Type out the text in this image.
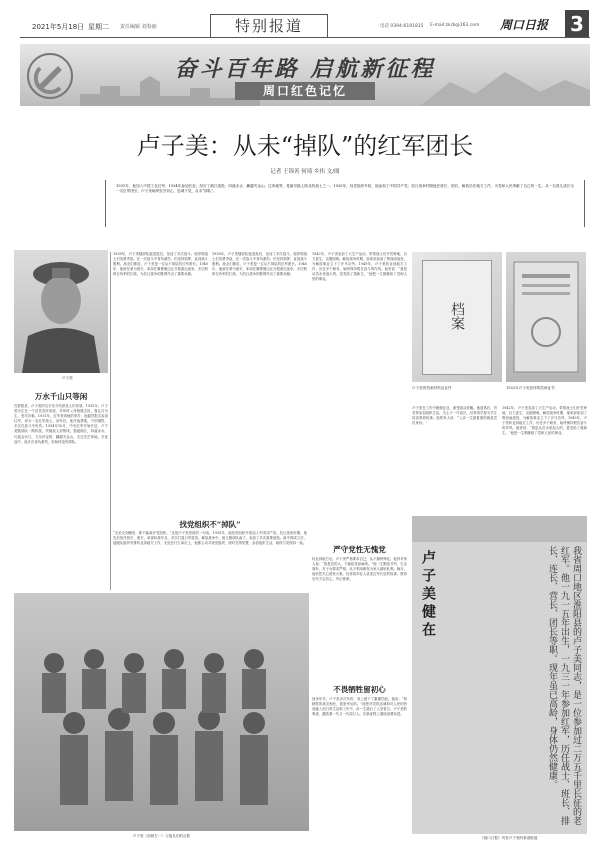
2021年5月18日 星期二 责任编辑 刘春丽	特别报道	电话 0394-6191815 E-mail:zkrb@163.com 周口日报 3
奋斗百年路 启航新征程
周口红色记忆
卢子美：从未“掉队”的红军团长
记者 王锦善 何琦 乡伟 文/图
1931年，他加入中国工农红军；1934年参加长征，经历了湘江战役、四渡赤水、翻越夹金山、过草地等，是最早踏上陕北的战士之一。1935年，经党组织介绍，他参加了中国共产党；抗日战争时期他任营长、团长，解放后在地方工作，为党和人民奉献了自己的一生。从一名孤儿成长为一名红军团长，卢子美始终坚守初心、忠诚于党，从未“掉队”。
卢子美
万水千山只等闲
在淮阳县，卢子美的名字至今仍被老人们传颂。1915年，卢子美出生在一个贫苦农民家庭，年幼时父母相继去世，靠乞讨为生，受尽苦难。1931年，红军来到他的家乡，他毅然报名参加红军，成为一名红军战士。参军后，他作战勇敢，不怕牺牲，多次在战斗中负伤。1934年10月，中央红军开始长征，卢子美随部队一路转战，突破敌人封锁线，强渡湘江，四渡赤水，巧渡金沙江，飞夺泸定桥，翻越夹金山，走过茫茫草地。长征途中，他多次身负重伤，但始终没有掉队。
1938年，卢子美随部队挺进敌后，参加了多次战斗。他带领战士们英勇杀敌，在一次战斗中身负重伤，仍坚持指挥，直到战斗胜利。战友们都说，卢子美是一位从不掉队的红军团长。1940年，他被任命为团长，率部在冀鲁豫边区开展游击战争，多次粉碎日伪军的扫荡，为抗日战争的胜利作出了重要贡献。
1938年，卢子美随部队挺进敌后，参加了多次战斗。他带领战士们英勇杀敌，在一次战斗中身负重伤，仍坚持指挥，直到战斗胜利。战友们都说，卢子美是一位从不掉队的红军团长。1940年，他被任命为团长，率部在冀鲁豫边区开展游击战争，多次粉碎日伪军的扫荡，为抗日战争的胜利作出了重要贡献。
找党组织不“掉队”
“无论走到哪里，都不能离开党组织。”这是卢子美常说的一句话。1935年，他经党组织介绍加入中国共产党。抗日战争时期，他先后担任营长、团长，率部转战华北，多次打退日军进攻。解放战争中，他又随部队南下，参加了多次重要战役。新中国成立后，他服从组织安排转业到地方工作，无论在什么岗位上，他都主动寻找党组织，按时交纳党费，参加组织生活，始终与党保持一致。
1942年，卢子美参加了大生产运动，带领战士们开荒种地，自力更生，克服困难。解放战争时期，他率部参加了鲁西南战役，为解放事业立下了汗马功劳。1949年，卢子美转业到地方工作，历任多个职务，始终保持艰苦奋斗的作风。他常说：“我是从苦水里泡大的，是党给了我新生。”他把一生都献给了党和人民的事业。
严守党性无愧党
转业到地方后，卢子美严格要求自己，从不搞特殊化。他常对家人说：“我是党的人，不能给党添麻烦。”他一生勤俭节约，生活简朴，对子女要求严格，从不利用职权为家人谋取私利。晚年，他仍然关心国家大事，经常给年轻人讲述红军长征的故事，教育后代不忘初心、牢记使命。
不畏牺牲留初心
战争年代，卢子美多次负伤，身上留下了累累伤疤。他说：“和牺牲的战友相比，我是幸运的。”他把对党的忠诚和对人民的热爱融入到日常生活和工作中，用一生践行了入党誓言。卢子美的事迹，激励着一代又一代周口人，在新征程上继续奋勇前进。
档案
卢子美的档案材料及证件	1952年卢子美获得的奖章证书
卢子美在工作中兢兢业业，深受群众爱戴。他退休后，仍坚持参加组织生活，关心下一代成长，经常到学校为学生讲述革命故事。他的家人说：“父亲一生最看重的就是党员身份。”
1942年，卢子美参加了大生产运动，带领战士们开荒种地，自力更生，克服困难。解放战争时期，他率部参加了鲁西南战役，为解放事业立下了汗马功劳。1949年，卢子美转业到地方工作，历任多个职务，始终保持艰苦奋斗的作风。他常说：“我是从苦水里泡大的，是党给了我新生。”他把一生都献给了党和人民的事业。
卢子美健在	我省周口地区淮阳县的卢子美同志，是一位参加过二万五千里长征的老红军。他一九一五年出生，一九三一年参加红军，历任战士、班长、排长、连长、营长、团长等职。现年虽已高龄，身体仍然健康。
《周口日报》刊发卢子美的事迹报道
卢子美（前排左一）与战友们的合影
